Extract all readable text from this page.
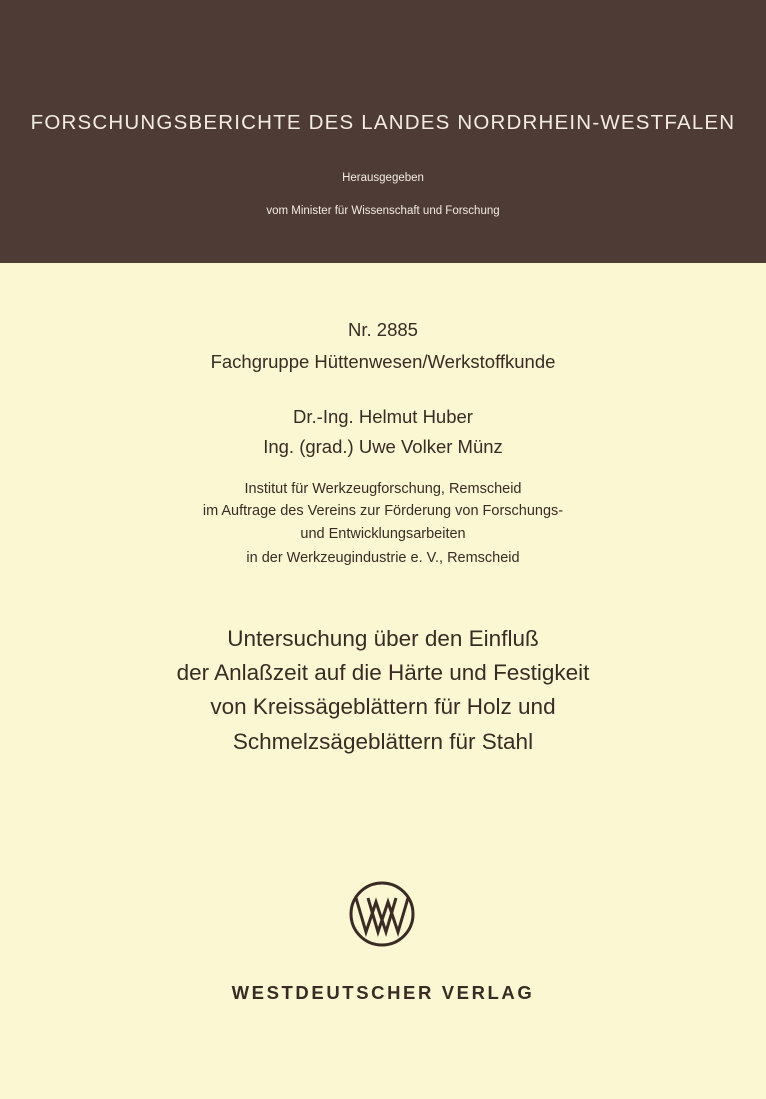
FORSCHUNGSBERICHTE DES LANDES NORDRHEIN-WESTFALEN
Herausgegeben
vom Minister für Wissenschaft und Forschung
Nr. 2885
Fachgruppe Hüttenwesen/Werkstoffkunde
Dr.-Ing. Helmut Huber
Ing. (grad.) Uwe Volker Münz
Institut für Werkzeugforschung, Remscheid
im Auftrage des Vereins zur Förderung von Forschungs-
und Entwicklungsarbeiten
in der Werkzeugindustrie e. V., Remscheid
Untersuchung über den Einfluß
der Anlaßzeit auf die Härte und Festigkeit
von Kreissägeblättern für Holz und
Schmelzsägeblättern für Stahl
WESTDEUTSCHER VERLAG
